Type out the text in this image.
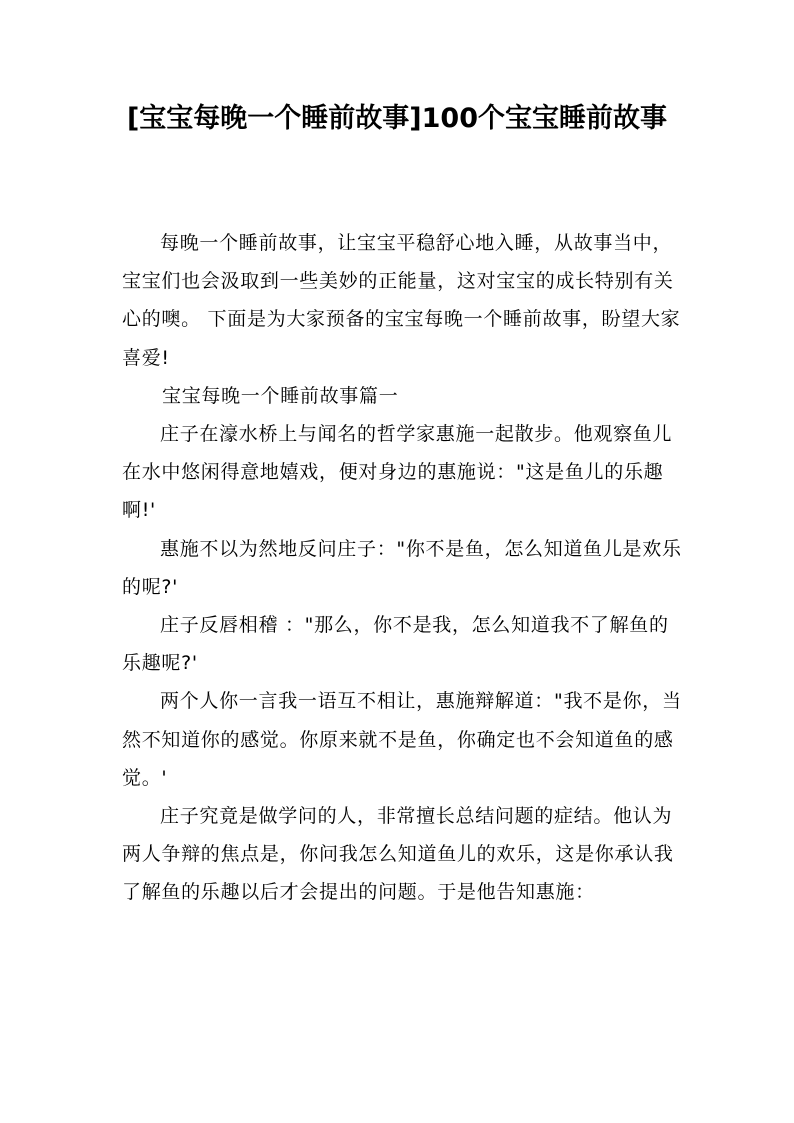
[宝宝每晚一个睡前故事]100个宝宝睡前故事

每晚一个睡前故事，让宝宝平稳舒心地入睡，从故事当中，宝宝们也会汲取到一些美妙的正能量，这对宝宝的成长特别有关心的噢。 下面是为大家预备的宝宝每晚一个睡前故事，盼望大家喜爱!

宝宝每晚一个睡前故事篇一

庄子在濠水桥上与闻名的哲学家惠施一起散步。他观察鱼儿在水中悠闲得意地嬉戏，便对身边的惠施说："这是鱼儿的乐趣啊!'

惠施不以为然地反问庄子："你不是鱼，怎么知道鱼儿是欢乐的呢?'

庄子反唇相稽 ："那么，你不是我，怎么知道我不了解鱼的乐趣呢?'

两个人你一言我一语互不相让，惠施辩解道："我不是你，当然不知道你的感觉。你原来就不是鱼，你确定也不会知道鱼的感觉。'

庄子究竟是做学问的人，非常擅长总结问题的症结。他认为两人争辩的焦点是，你问我怎么知道鱼儿的欢乐，这是你承认我了解鱼的乐趣以后才会提出的问题。于是他告知惠施：
